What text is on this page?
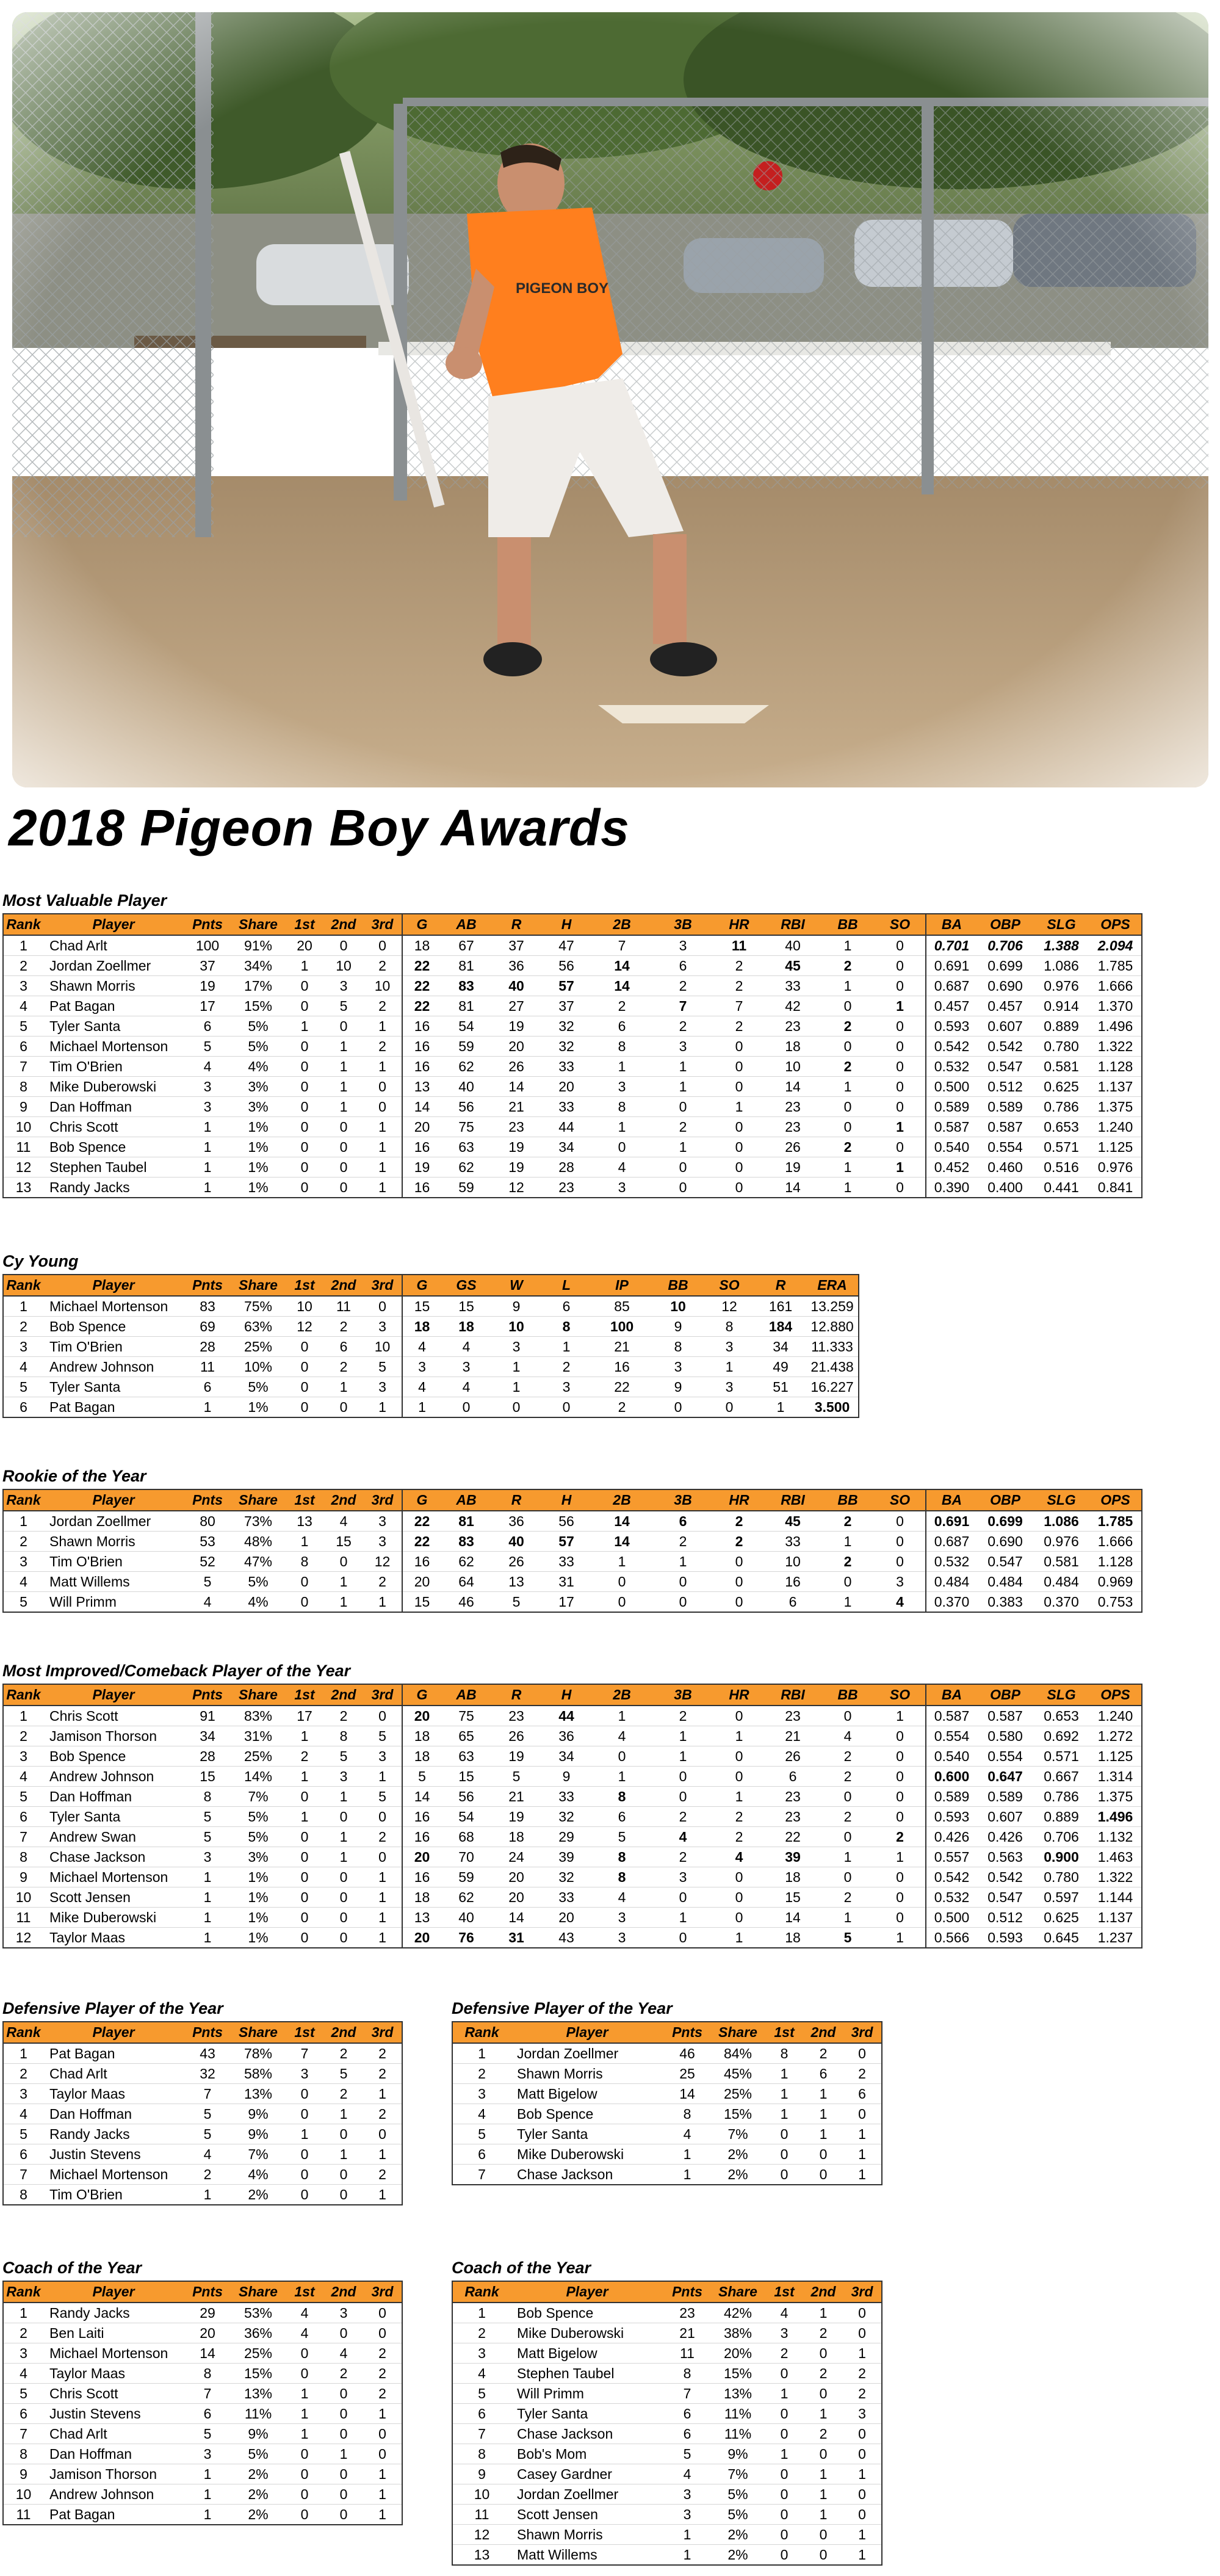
2018 Pigeon Boy Awards
Most Valuable Player
Rank	Player	Pnts	Share	1st	2nd	3rd	G	AB	R	H	2B	3B	HR	RBI	BB	SO	BA	OBP	SLG	OPS
1	Chad Arlt	100	91%	20	0	0	18	67	37	47	7	3	11	40	1	0	0.701	0.706	1.388	2.094
2	Jordan Zoellmer	37	34%	1	10	2	22	81	36	56	14	6	2	45	2	0	0.691	0.699	1.086	1.785
3	Shawn Morris	19	17%	0	3	10	22	83	40	57	14	2	2	33	1	0	0.687	0.690	0.976	1.666
4	Pat Bagan	17	15%	0	5	2	22	81	27	37	2	7	7	42	0	1	0.457	0.457	0.914	1.370
5	Tyler Santa	6	5%	1	0	1	16	54	19	32	6	2	2	23	2	0	0.593	0.607	0.889	1.496
6	Michael Mortenson	5	5%	0	1	2	16	59	20	32	8	3	0	18	0	0	0.542	0.542	0.780	1.322
7	Tim O'Brien	4	4%	0	1	1	16	62	26	33	1	1	0	10	2	0	0.532	0.547	0.581	1.128
8	Mike Duberowski	3	3%	0	1	0	13	40	14	20	3	1	0	14	1	0	0.500	0.512	0.625	1.137
9	Dan Hoffman	3	3%	0	1	0	14	56	21	33	8	0	1	23	0	0	0.589	0.589	0.786	1.375
10	Chris Scott	1	1%	0	0	1	20	75	23	44	1	2	0	23	0	1	0.587	0.587	0.653	1.240
11	Bob Spence	1	1%	0	0	1	16	63	19	34	0	1	0	26	2	0	0.540	0.554	0.571	1.125
12	Stephen Taubel	1	1%	0	0	1	19	62	19	28	4	0	0	19	1	1	0.452	0.460	0.516	0.976
13	Randy Jacks	1	1%	0	0	1	16	59	12	23	3	0	0	14	1	0	0.390	0.400	0.441	0.841
Cy Young
Rank	Player	Pnts	Share	1st	2nd	3rd	G	GS	W	L	IP	BB	SO	R	ERA
1	Michael Mortenson	83	75%	10	11	0	15	15	9	6	85	10	12	161	13.259
2	Bob Spence	69	63%	12	2	3	18	18	10	8	100	9	8	184	12.880
3	Tim O'Brien	28	25%	0	6	10	4	4	3	1	21	8	3	34	11.333
4	Andrew Johnson	11	10%	0	2	5	3	3	1	2	16	3	1	49	21.438
5	Tyler Santa	6	5%	0	1	3	4	4	1	3	22	9	3	51	16.227
6	Pat Bagan	1	1%	0	0	1	1	0	0	0	2	0	0	1	3.500
Rookie of the Year
Rank	Player	Pnts	Share	1st	2nd	3rd	G	AB	R	H	2B	3B	HR	RBI	BB	SO	BA	OBP	SLG	OPS
1	Jordan Zoellmer	80	73%	13	4	3	22	81	36	56	14	6	2	45	2	0	0.691	0.699	1.086	1.785
2	Shawn Morris	53	48%	1	15	3	22	83	40	57	14	2	2	33	1	0	0.687	0.690	0.976	1.666
3	Tim O'Brien	52	47%	8	0	12	16	62	26	33	1	1	0	10	2	0	0.532	0.547	0.581	1.128
4	Matt Willems	5	5%	0	1	2	20	64	13	31	0	0	0	16	0	3	0.484	0.484	0.484	0.969
5	Will Primm	4	4%	0	1	1	15	46	5	17	0	0	0	6	1	4	0.370	0.383	0.370	0.753
Most Improved/Comeback Player of the Year
Rank	Player	Pnts	Share	1st	2nd	3rd	G	AB	R	H	2B	3B	HR	RBI	BB	SO	BA	OBP	SLG	OPS
1	Chris Scott	91	83%	17	2	0	20	75	23	44	1	2	0	23	0	1	0.587	0.587	0.653	1.240
2	Jamison Thorson	34	31%	1	8	5	18	65	26	36	4	1	1	21	4	0	0.554	0.580	0.692	1.272
3	Bob Spence	28	25%	2	5	3	18	63	19	34	0	1	0	26	2	0	0.540	0.554	0.571	1.125
4	Andrew Johnson	15	14%	1	3	1	5	15	5	9	1	0	0	6	2	0	0.600	0.647	0.667	1.314
5	Dan Hoffman	8	7%	0	1	5	14	56	21	33	8	0	1	23	0	0	0.589	0.589	0.786	1.375
6	Tyler Santa	5	5%	1	0	0	16	54	19	32	6	2	2	23	2	0	0.593	0.607	0.889	1.496
7	Andrew Swan	5	5%	0	1	2	16	68	18	29	5	4	2	22	0	2	0.426	0.426	0.706	1.132
8	Chase Jackson	3	3%	0	1	0	20	70	24	39	8	2	4	39	1	1	0.557	0.563	0.900	1.463
9	Michael Mortenson	1	1%	0	0	1	16	59	20	32	8	3	0	18	0	0	0.542	0.542	0.780	1.322
10	Scott Jensen	1	1%	0	0	1	18	62	20	33	4	0	0	15	2	0	0.532	0.547	0.597	1.144
11	Mike Duberowski	1	1%	0	0	1	13	40	14	20	3	1	0	14	1	0	0.500	0.512	0.625	1.137
12	Taylor Maas	1	1%	0	0	1	20	76	31	43	3	0	1	18	5	1	0.566	0.593	0.645	1.237
Defensive Player of the Year
Rank	Player	Pnts	Share	1st	2nd	3rd
1	Pat Bagan	43	78%	7	2	2
2	Chad Arlt	32	58%	3	5	2
3	Taylor Maas	7	13%	0	2	1
4	Dan Hoffman	5	9%	0	1	2
5	Randy Jacks	5	9%	1	0	0
6	Justin Stevens	4	7%	0	1	1
7	Michael Mortenson	2	4%	0	0	2
8	Tim O'Brien	1	2%	0	0	1
Defensive Player of the Year
Rank	Player	Pnts	Share	1st	2nd	3rd
1	Jordan Zoellmer	46	84%	8	2	0
2	Shawn Morris	25	45%	1	6	2
3	Matt Bigelow	14	25%	1	1	6
4	Bob Spence	8	15%	1	1	0
5	Tyler Santa	4	7%	0	1	1
6	Mike Duberowski	1	2%	0	0	1
7	Chase Jackson	1	2%	0	0	1
Coach of the Year
Rank	Player	Pnts	Share	1st	2nd	3rd
1	Randy Jacks	29	53%	4	3	0
2	Ben Laiti	20	36%	4	0	0
3	Michael Mortenson	14	25%	0	4	2
4	Taylor Maas	8	15%	0	2	2
5	Chris Scott	7	13%	1	0	2
6	Justin Stevens	6	11%	1	0	1
7	Chad Arlt	5	9%	1	0	0
8	Dan Hoffman	3	5%	0	1	0
9	Jamison Thorson	1	2%	0	0	1
10	Andrew Johnson	1	2%	0	0	1
11	Pat Bagan	1	2%	0	0	1
Coach of the Year
Rank	Player	Pnts	Share	1st	2nd	3rd
1	Bob Spence	23	42%	4	1	0
2	Mike Duberowski	21	38%	3	2	0
3	Matt Bigelow	11	20%	2	0	1
4	Stephen Taubel	8	15%	0	2	2
5	Will Primm	7	13%	1	0	2
6	Tyler Santa	6	11%	0	1	3
7	Chase Jackson	6	11%	0	2	0
8	Bob's Mom	5	9%	1	0	0
9	Casey Gardner	4	7%	0	1	1
10	Jordan Zoellmer	3	5%	0	1	0
11	Scott Jensen	3	5%	0	1	0
12	Shawn Morris	1	2%	0	0	1
13	Matt Willems	1	2%	0	0	1
